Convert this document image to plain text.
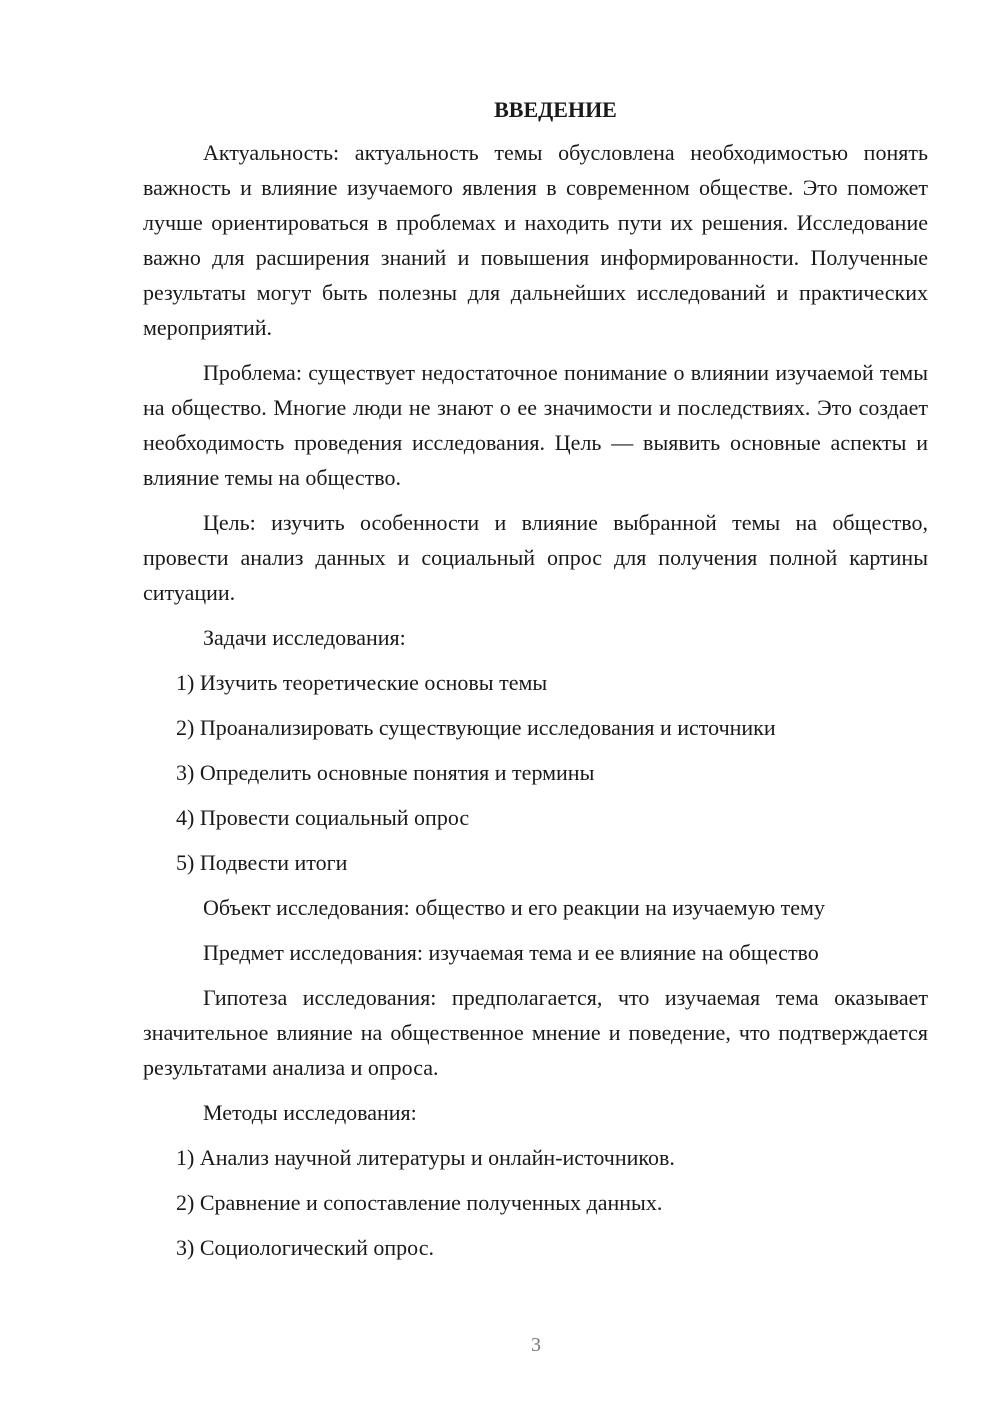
ВВЕДЕНИЕ

Актуальность: актуальность темы обусловлена необходимостью понять важность и влияние изучаемого явления в современном обществе. Это поможет лучше ориентироваться в проблемах и находить пути их решения. Исследование важно для расширения знаний и повышения информированности. Полученные результаты могут быть полезны для дальнейших исследований и практических мероприятий.

Проблема: существует недостаточное понимание о влиянии изучаемой темы на общество. Многие люди не знают о ее значимости и последствиях. Это создает необходимость проведения исследования. Цель — выявить основные аспекты и влияние темы на общество.

Цель: изучить особенности и влияние выбранной темы на общество, провести анализ данных и социальный опрос для получения полной картины ситуации.

Задачи исследования:
1) Изучить теоретические основы темы
2) Проанализировать существующие исследования и источники
3) Определить основные понятия и термины
4) Провести социальный опрос
5) Подвести итоги
Объект исследования: общество и его реакции на изучаемую тему
Предмет исследования: изучаемая тема и ее влияние на общество

Гипотеза исследования: предполагается, что изучаемая тема оказывает значительное влияние на общественное мнение и поведение, что подтверждается результатами анализа и опроса.

Методы исследования:
1) Анализ научной литературы и онлайн-источников.
2) Сравнение и сопоставление полученных данных.
3) Социологический опрос.
3
